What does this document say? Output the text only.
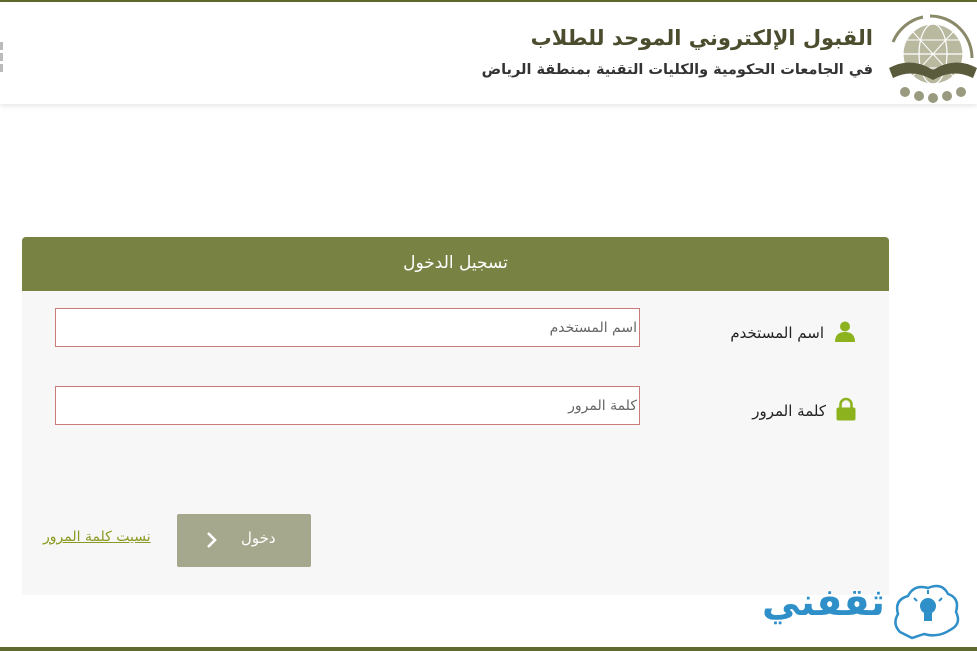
القبول الإلكتروني الموحد للطلاب
في الجامعات الحكومية والكليات التقنية بمنطقة الرياض
تسجيل الدخول
اسم المستخدم
اسم المستخدم
كلمة المرور
دخول
نسيت كلمة المرور
ثقفني
